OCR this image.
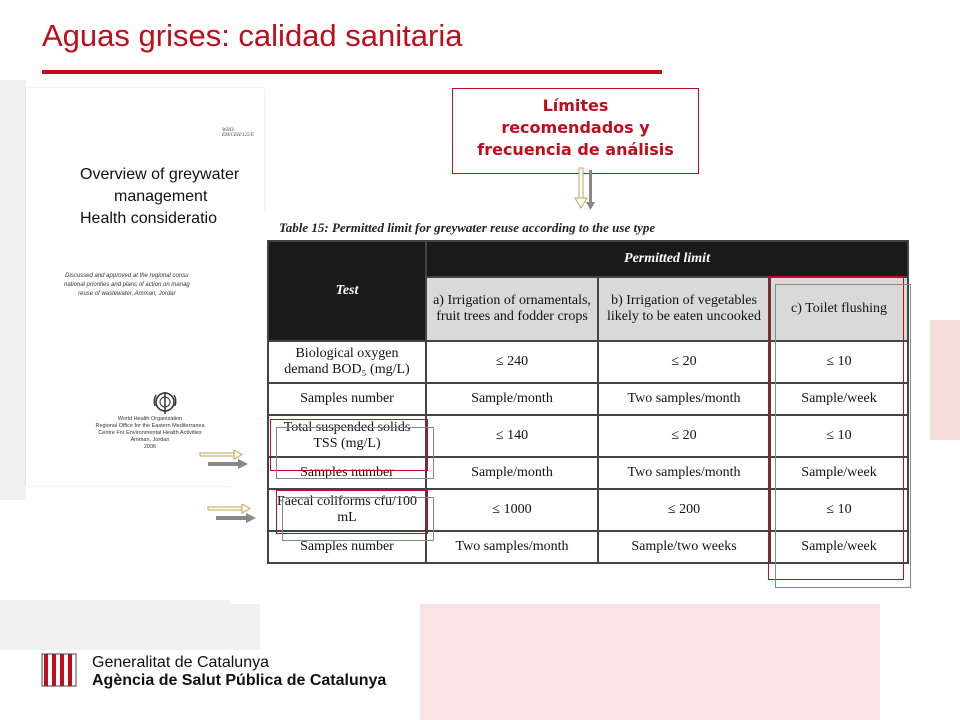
Aguas grises: calidad sanitaria
WHO-EM/CEH/125/E
Overview of greywater
management
Health consideratio
Discussed and approved at the regional consu
national priorities and plans of action on manag
reuse of wastewater, Amman, Jordar
World Health Organization
Regional Office for the Eastern Mediterranea
Centre For Environmental Health Activities
Amman, Jordan
2006
Límites
recomendados y
frecuencia de análisis
Table 15: Permitted limit for greywater reuse according to the use type
Test	Permitted limit		
	a) Irrigation of ornamentals, fruit trees and fodder crops	b) Irrigation of vegetables likely to be eaten uncooked	c) Toilet flushing
Biological oxygen demand BOD₅ (mg/L)	≤ 240	≤ 20	≤ 10
Samples number	Sample/month	Two samples/month	Sample/week
Total suspended solids TSS (mg/L)	≤ 140	≤ 20	≤ 10
Samples number	Sample/month	Two samples/month	Sample/week
Faecal coliforms cfu/100 mL	≤ 1000	≤ 200	≤ 10
Samples number	Two samples/month	Sample/two weeks	Sample/week
Generalitat de Catalunya
Agència de Salut Pública de Catalunya
